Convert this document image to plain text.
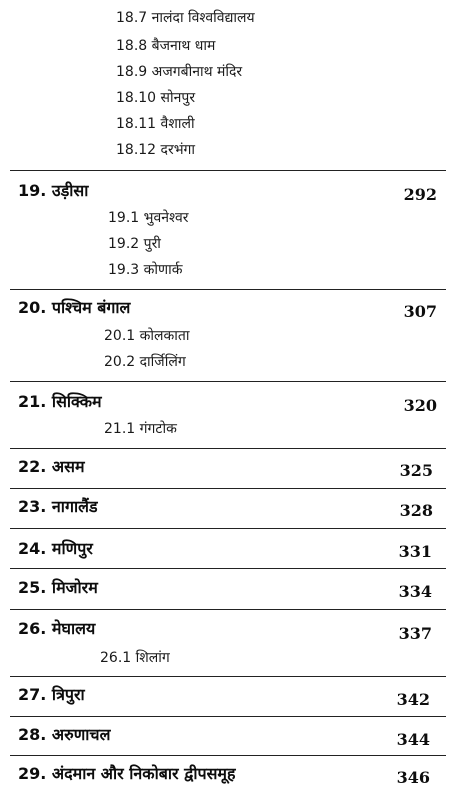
18.7 नालंदा विश्वविद्यालय
18.8 बैजनाथ धाम
18.9 अजगबीनाथ मंदिर
18.10 सोनपुर
18.11 वैशाली
18.12 दरभंगा
19. उड़ीसा	292
19.1 भुवनेश्वर
19.2 पुरी
19.3 कोणार्क
20. पश्चिम बंगाल	307
20.1 कोलकाता
20.2 दार्जिलिंग
21. सिक्किम	320
21.1 गंगटोक
22. असम	325
23. नागालैंड	328
24. मणिपुर	331
25. मिजोरम	334
26. मेघालय	337
26.1 शिलांग
27. त्रिपुरा	342
28. अरुणाचल	344
29. अंदमान और निकोबार द्वीपसमूह	346
